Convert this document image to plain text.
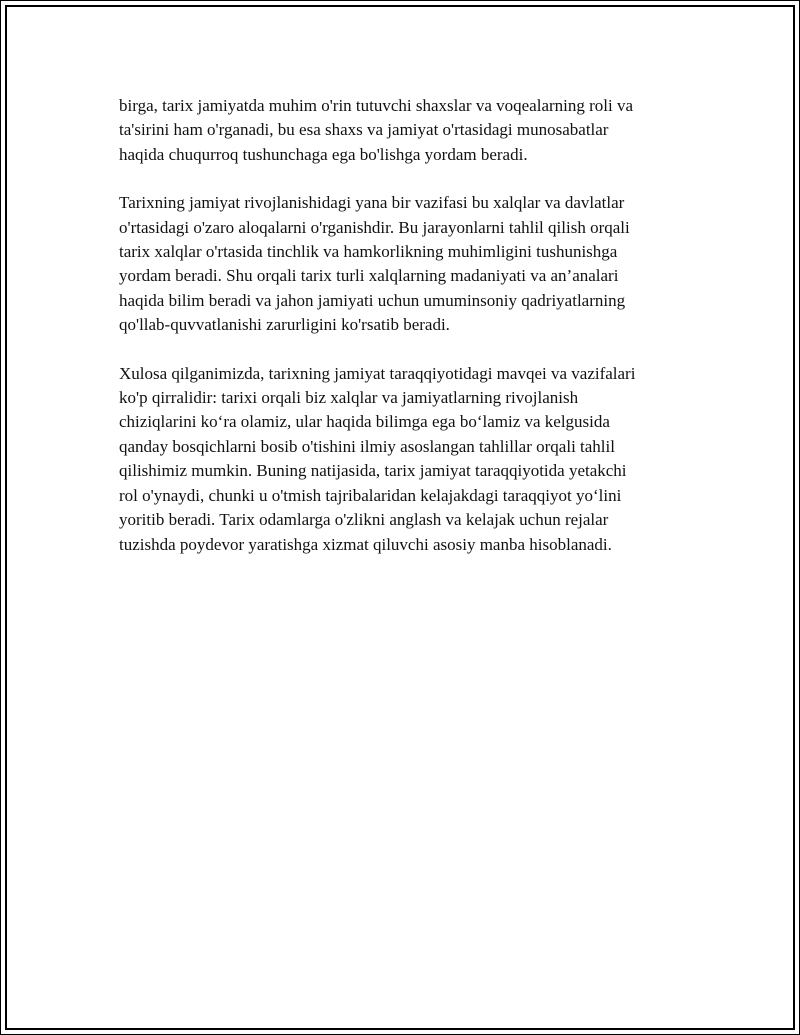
birga, tarix jamiyatda muhim o'rin tutuvchi shaxslar va voqealarning roli va
ta'sirini ham o'rganadi, bu esa shaxs va jamiyat o'rtasidagi munosabatlar
haqida chuqurroq tushunchaga ega bo'lishga yordam beradi.

Tarixning jamiyat rivojlanishidagi yana bir vazifasi bu xalqlar va davlatlar
o'rtasidagi o'zaro aloqalarni o'rganishdir. Bu jarayonlarni tahlil qilish orqali
tarix xalqlar o'rtasida tinchlik va hamkorlikning muhimligini tushunishga
yordam beradi. Shu orqali tarix turli xalqlarning madaniyati va an’analari
haqida bilim beradi va jahon jamiyati uchun umuminsoniy qadriyatlarning
qo'llab-quvvatlanishi zarurligini ko'rsatib beradi.

Xulosa qilganimizda, tarixning jamiyat taraqqiyotidagi mavqei va vazifalari
ko'p qirralidir: tarixi orqali biz xalqlar va jamiyatlarning rivojlanish
chiziqlarini ko‘ra olamiz, ular haqida bilimga ega bo‘lamiz va kelgusida
qanday bosqichlarni bosib o'tishini ilmiy asoslangan tahlillar orqali tahlil
qilishimiz mumkin. Buning natijasida, tarix jamiyat taraqqiyotida yetakchi
rol o'ynaydi, chunki u o'tmish tajribalaridan kelajakdagi taraqqiyot yo‘lini
yoritib beradi. Tarix odamlarga o'zlikni anglash va kelajak uchun rejalar
tuzishda poydevor yaratishga xizmat qiluvchi asosiy manba hisoblanadi.
